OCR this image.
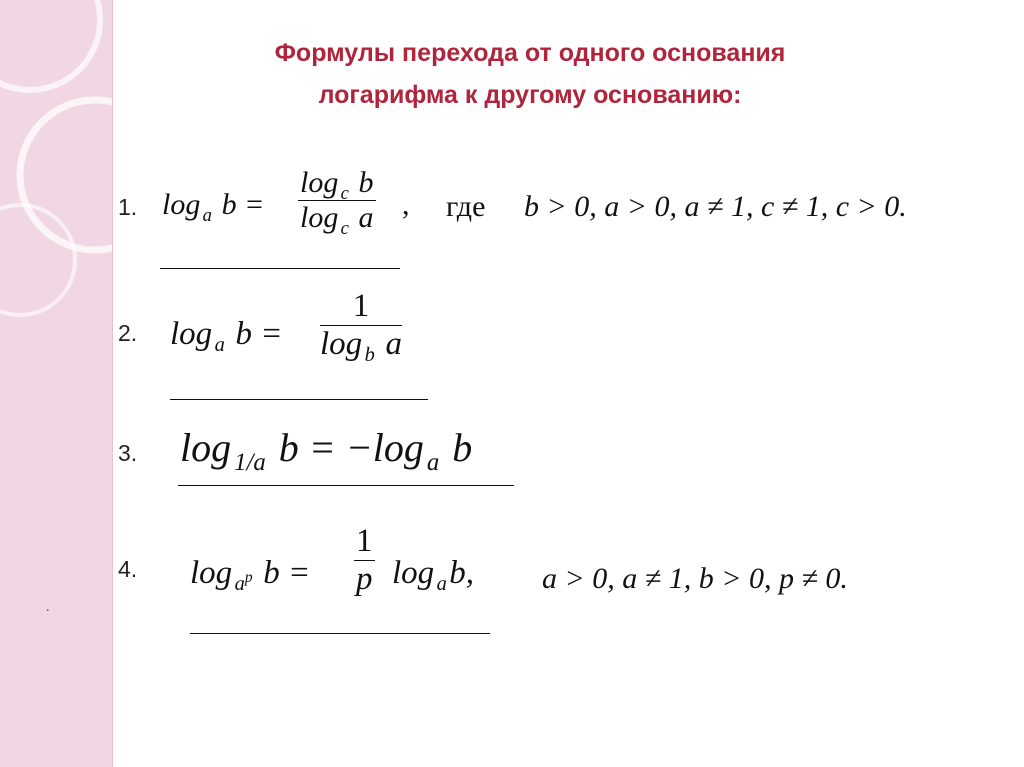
Формулы перехода от одного основания
логарифма к другому основанию:
1. log $_a$ $b = \frac{\log _c b}{\log _c a}$ , где b > 0, a > 0, a ≠ 1, c ≠ 1, c > 0.
2. log $_a$ $b = \frac{1}{\log _b a}$
3. log $_{1/a}$ b = −log $_a$ b
4. log $_{a^p}$ $b = \frac{1}{p}$ log $_a$b, a > 0, a ≠ 1, b > 0, p ≠ 0.
.
